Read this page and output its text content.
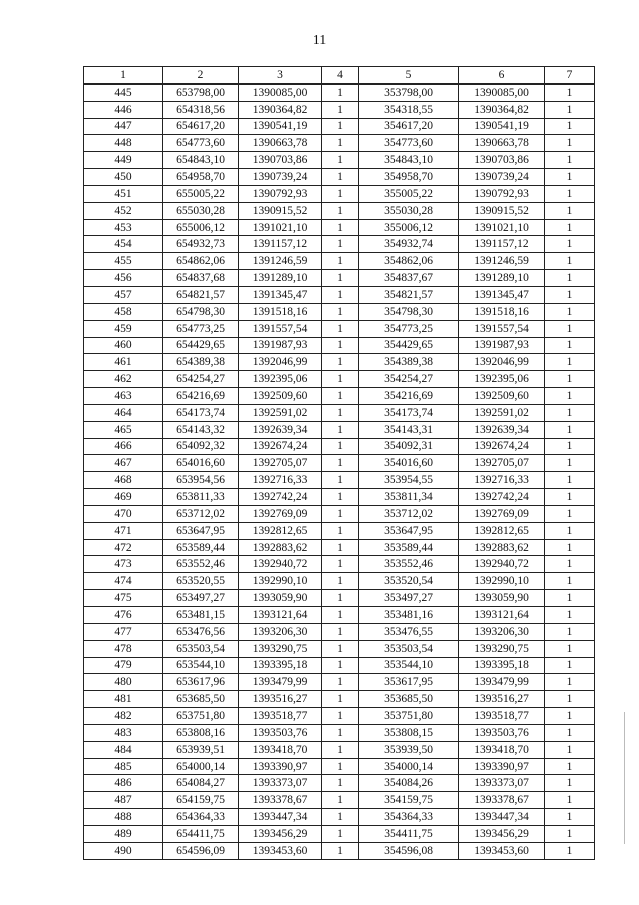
11
1	2	3	4	5	6	7
445	653798,00	1390085,00	1	353798,00	1390085,00	1
446	654318,56	1390364,82	1	354318,55	1390364,82	1
447	654617,20	1390541,19	1	354617,20	1390541,19	1
448	654773,60	1390663,78	1	354773,60	1390663,78	1
449	654843,10	1390703,86	1	354843,10	1390703,86	1
450	654958,70	1390739,24	1	354958,70	1390739,24	1
451	655005,22	1390792,93	1	355005,22	1390792,93	1
452	655030,28	1390915,52	1	355030,28	1390915,52	1
453	655006,12	1391021,10	1	355006,12	1391021,10	1
454	654932,73	1391157,12	1	354932,74	1391157,12	1
455	654862,06	1391246,59	1	354862,06	1391246,59	1
456	654837,68	1391289,10	1	354837,67	1391289,10	1
457	654821,57	1391345,47	1	354821,57	1391345,47	1
458	654798,30	1391518,16	1	354798,30	1391518,16	1
459	654773,25	1391557,54	1	354773,25	1391557,54	1
460	654429,65	1391987,93	1	354429,65	1391987,93	1
461	654389,38	1392046,99	1	354389,38	1392046,99	1
462	654254,27	1392395,06	1	354254,27	1392395,06	1
463	654216,69	1392509,60	1	354216,69	1392509,60	1
464	654173,74	1392591,02	1	354173,74	1392591,02	1
465	654143,32	1392639,34	1	354143,31	1392639,34	1
466	654092,32	1392674,24	1	354092,31	1392674,24	1
467	654016,60	1392705,07	1	354016,60	1392705,07	1
468	653954,56	1392716,33	1	353954,55	1392716,33	1
469	653811,33	1392742,24	1	353811,34	1392742,24	1
470	653712,02	1392769,09	1	353712,02	1392769,09	1
471	653647,95	1392812,65	1	353647,95	1392812,65	1
472	653589,44	1392883,62	1	353589,44	1392883,62	1
473	653552,46	1392940,72	1	353552,46	1392940,72	1
474	653520,55	1392990,10	1	353520,54	1392990,10	1
475	653497,27	1393059,90	1	353497,27	1393059,90	1
476	653481,15	1393121,64	1	353481,16	1393121,64	1
477	653476,56	1393206,30	1	353476,55	1393206,30	1
478	653503,54	1393290,75	1	353503,54	1393290,75	1
479	653544,10	1393395,18	1	353544,10	1393395,18	1
480	653617,96	1393479,99	1	353617,95	1393479,99	1
481	653685,50	1393516,27	1	353685,50	1393516,27	1
482	653751,80	1393518,77	1	353751,80	1393518,77	1
483	653808,16	1393503,76	1	353808,15	1393503,76	1
484	653939,51	1393418,70	1	353939,50	1393418,70	1
485	654000,14	1393390,97	1	354000,14	1393390,97	1
486	654084,27	1393373,07	1	354084,26	1393373,07	1
487	654159,75	1393378,67	1	354159,75	1393378,67	1
488	654364,33	1393447,34	1	354364,33	1393447,34	1
489	654411,75	1393456,29	1	354411,75	1393456,29	1
490	654596,09	1393453,60	1	354596,08	1393453,60	1
